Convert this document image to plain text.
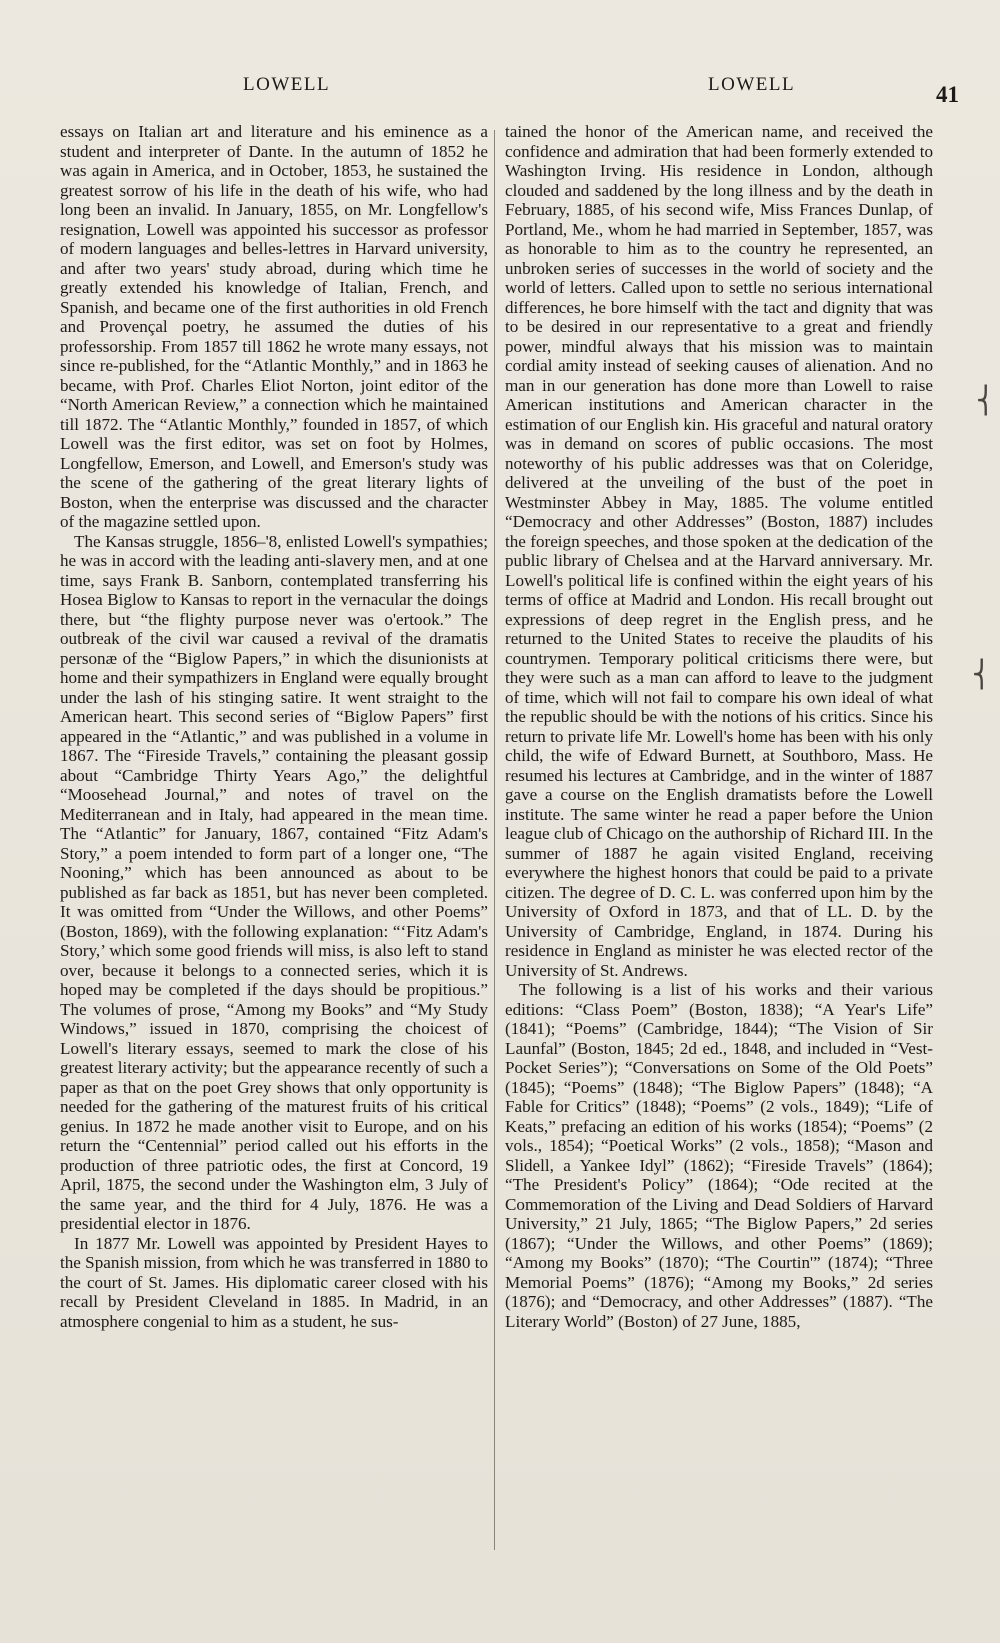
LOWELL	LOWELL	41

essays on Italian art and literature and his eminence as a student and interpreter of Dante. In the autumn of 1852 he was again in America, and in October, 1853, he sustained the greatest sorrow of his life in the death of his wife, who had long been an invalid. In January, 1855, on Mr. Longfellow's resignation, Lowell was appointed his successor as professor of modern languages and belles-lettres in Harvard university, and after two years' study abroad, during which time he greatly extended his knowledge of Italian, French, and Spanish, and became one of the first authorities in old French and Provençal poetry, he assumed the duties of his professorship. From 1857 till 1862 he wrote many essays, not since re-published, for the “Atlantic Monthly,” and in 1863 he became, with Prof. Charles Eliot Norton, joint editor of the “North American Review,” a connection which he maintained till 1872. The “Atlantic Monthly,” founded in 1857, of which Lowell was the first editor, was set on foot by Holmes, Longfellow, Emerson, and Lowell, and Emerson's study was the scene of the gathering of the great literary lights of Boston, when the enterprise was discussed and the character of the magazine settled upon.

The Kansas struggle, 1856–'8, enlisted Lowell's sympathies; he was in accord with the leading anti-slavery men, and at one time, says Frank B. Sanborn, contemplated transferring his Hosea Biglow to Kansas to report in the vernacular the doings there, but “the flighty purpose never was o'ertook.” The outbreak of the civil war caused a revival of the dramatis personæ of the “Biglow Papers,” in which the disunionists at home and their sympathizers in England were equally brought under the lash of his stinging satire. It went straight to the American heart. This second series of “Biglow Papers” first appeared in the “Atlantic,” and was published in a volume in 1867. The “Fireside Travels,” containing the pleasant gossip about “Cambridge Thirty Years Ago,” the delightful “Moosehead Journal,” and notes of travel on the Mediterranean and in Italy, had appeared in the mean time. The “Atlantic” for January, 1867, contained “Fitz Adam's Story,” a poem intended to form part of a longer one, “The Nooning,” which has been announced as about to be published as far back as 1851, but has never been completed. It was omitted from “Under the Willows, and other Poems” (Boston, 1869), with the following explanation: “‘Fitz Adam's Story,’ which some good friends will miss, is also left to stand over, because it belongs to a connected series, which it is hoped may be completed if the days should be propitious.” The volumes of prose, “Among my Books” and “My Study Windows,” issued in 1870, comprising the choicest of Lowell's literary essays, seemed to mark the close of his greatest literary activity; but the appearance recently of such a paper as that on the poet Grey shows that only opportunity is needed for the gathering of the maturest fruits of his critical genius. In 1872 he made another visit to Europe, and on his return the “Centennial” period called out his efforts in the production of three patriotic odes, the first at Concord, 19 April, 1875, the second under the Washington elm, 3 July of the same year, and the third for 4 July, 1876. He was a presidential elector in 1876.

In 1877 Mr. Lowell was appointed by President Hayes to the Spanish mission, from which he was transferred in 1880 to the court of St. James. His diplomatic career closed with his recall by President Cleveland in 1885. In Madrid, in an atmosphere congenial to him as a student, he sus-

tained the honor of the American name, and received the confidence and admiration that had been formerly extended to Washington Irving. His residence in London, although clouded and saddened by the long illness and by the death in February, 1885, of his second wife, Miss Frances Dunlap, of Portland, Me., whom he had married in September, 1857, was as honorable to him as to the country he represented, an unbroken series of successes in the world of society and the world of letters. Called upon to settle no serious international differences, he bore himself with the tact and dignity that was to be desired in our representative to a great and friendly power, mindful always that his mission was to maintain cordial amity instead of seeking causes of alienation. And no man in our generation has done more than Lowell to raise American institutions and American character in the estimation of our English kin. His graceful and natural oratory was in demand on scores of public occasions. The most noteworthy of his public addresses was that on Coleridge, delivered at the unveiling of the bust of the poet in Westminster Abbey in May, 1885. The volume entitled “Democracy and other Addresses” (Boston, 1887) includes the foreign speeches, and those spoken at the dedication of the public library of Chelsea and at the Harvard anniversary. Mr. Lowell's political life is confined within the eight years of his terms of office at Madrid and London. His recall brought out expressions of deep regret in the English press, and he returned to the United States to receive the plaudits of his countrymen. Temporary political criticisms there were, but they were such as a man can afford to leave to the judgment of time, which will not fail to compare his own ideal of what the republic should be with the notions of his critics. Since his return to private life Mr. Lowell's home has been with his only child, the wife of Edward Burnett, at Southboro, Mass. He resumed his lectures at Cambridge, and in the winter of 1887 gave a course on the English dramatists before the Lowell institute. The same winter he read a paper before the Union league club of Chicago on the authorship of Richard III. In the summer of 1887 he again visited England, receiving everywhere the highest honors that could be paid to a private citizen. The degree of D. C. L. was conferred upon him by the University of Oxford in 1873, and that of LL. D. by the University of Cambridge, England, in 1874. During his residence in England as minister he was elected rector of the University of St. Andrews.

The following is a list of his works and their various editions: “Class Poem” (Boston, 1838); “A Year's Life” (1841); “Poems” (Cambridge, 1844); “The Vision of Sir Launfal” (Boston, 1845; 2d ed., 1848, and included in “Vest-Pocket Series”); “Conversations on Some of the Old Poets” (1845); “Poems” (1848); “The Biglow Papers” (1848); “A Fable for Critics” (1848); “Poems” (2 vols., 1849); “Life of Keats,” prefacing an edition of his works (1854); “Poems” (2 vols., 1854); “Poetical Works” (2 vols., 1858); “Mason and Slidell, a Yankee Idyl” (1862); “Fireside Travels” (1864); “The President's Policy” (1864); “Ode recited at the Commemoration of the Living and Dead Soldiers of Harvard University,” 21 July, 1865; “The Biglow Papers,” 2d series (1867); “Under the Willows, and other Poems” (1869); “Among my Books” (1870); “The Courtin'” (1874); “Three Memorial Poems” (1876); “Among my Books,” 2d series (1876); and “Democracy, and other Addresses” (1887). “The Literary World” (Boston) of 27 June, 1885,

⎨
⎨
